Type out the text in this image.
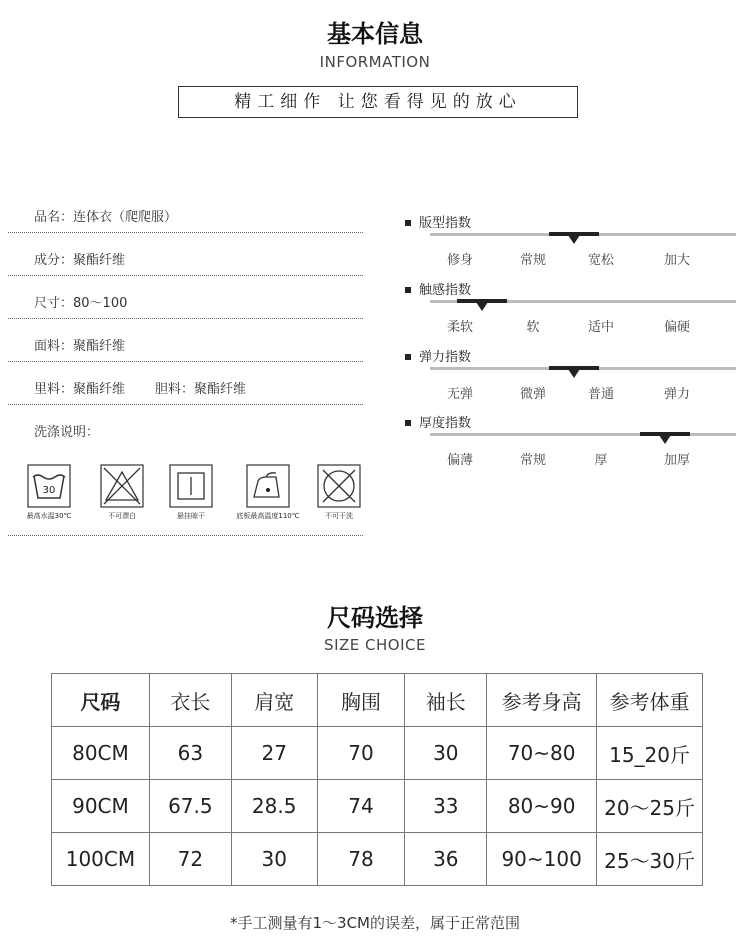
基本信息
INFORMATION
精工细作 让您看得见的放心
品名：连体衣（爬爬服）
成分：聚酯纤维
尺寸：80～100
面料：聚酯纤维
里料：聚酯纤维 胆料：聚酯纤维
洗涤说明：
30
最高水温30℃	不可漂白	悬挂晾干	底板最高温度110℃	不可干洗
版型指数
修身	常规	宽松	加大
触感指数
柔软	软	适中	偏硬
弹力指数
无弹	微弹	普通	弹力
厚度指数
偏薄	常规	厚	加厚
尺码选择
SIZE CHOICE
尺码	衣长	肩宽	胸围	袖长	参考身高	参考体重
80CM	63	27	70	30	70~80	15_20斤
90CM	67.5	28.5	74	33	80~90	20～25斤
100CM	72	30	78	36	90~100	25～30斤
*手工测量有1～3CM的误差，属于正常范围
